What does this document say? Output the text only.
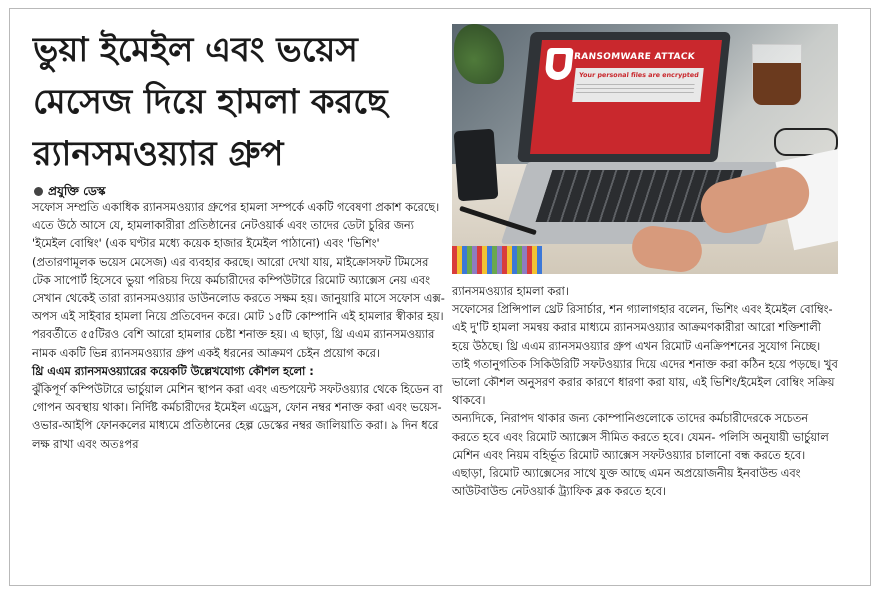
ভুয়া ইমেইল এবং ভয়েস মেসেজ দিয়ে হামলা করছে র‍্যানসমওয়্যার গ্রুপ
প্রযুক্তি ডেস্ক

সফোস সম্প্রতি একাধিক র‍্যানসমওয়্যার গ্রুপের হামলা সম্পর্কে একটি গবেষণা প্রকাশ করেছে। এতে উঠে আসে যে, হামলাকারীরা প্রতিষ্ঠানের নেটওয়ার্ক এবং তাদের ডেটা চুরির জন্য 'ইমেইল বোম্বিং' (এক ঘণ্টার মধ্যে কয়েক হাজার ইমেইল পাঠানো) এবং 'ভিশিং' (প্রতারণামূলক ভয়েস মেসেজ) এর ব্যবহার করছে। আরো দেখা যায়, মাইক্রোসফট টিমসের টেক সাপোর্ট হিসেবে ভুয়া পরিচয় দিয়ে কর্মচারীদের কম্পিউটারে রিমোট অ্যাক্সেস নেয় এবং সেখান থেকেই তারা র‍্যানসমওয়্যার ডাউনলোড করতে সক্ষম হয়। জানুয়ারি মাসে সফোস এক্স-অপস এই সাইবার হামলা নিয়ে প্রতিবেদন করে। মোট ১৫টি কোম্পানি এই হামলার স্বীকার হয়। পরবর্তীতে ৫৫টিরও বেশি আরো হামলার চেষ্টা শনাক্ত হয়। এ ছাড়া, থ্রি এএম র‍্যানসমওয়্যার নামক একটি ভিন্ন র‍্যানসমওয়্যার গ্রুপ একই ধরনের আক্রমণ চেইন প্রয়োগ করে।

থ্রি এএম র‍্যানসমওয়্যারের কয়েকটি উল্লেখযোগ্য কৌশল হলো :

ঝুঁকিপূর্ণ কম্পিউটারে ভার্চুয়াল মেশিন স্থাপন করা এবং এন্ডপয়েন্ট সফটওয়্যার থেকে হিডেন বা গোপন অবস্থায় থাকা। নির্দিষ্ট কর্মচারীদের ইমেইল এড্রেস, ফোন নম্বর শনাক্ত করা এবং ভয়েস-ওভার-আইপি ফোনকলের মাধ্যমে প্রতিষ্ঠানের হেল্প ডেস্কের নম্বর জালিয়াতি করা। ৯ দিন ধরে লক্ষ রাখা এবং অতঃপর

RANSOMWARE ATTACK
Your personal files are encrypted

র‍্যানসমওয়্যার হামলা করা।

সফোসের প্রিন্সিপাল থ্রেট রিসার্চার, শন গ্যালাগহার বলেন, ভিশিং এবং ইমেইল বোম্বিং-এই দু'টি হামলা সমন্বয় করার মাধ্যমে র‍্যানসমওয়্যার আক্রমণকারীরা আরো শক্তিশালী হয়ে উঠছে। থ্রি এএম র‍্যানসমওয়্যার গ্রুপ এখন রিমোট এনক্রিপশনের সুযোগ নিচ্ছে। তাই গতানুগতিক সিকিউরিটি সফটওয়্যার দিয়ে এদের শনাক্ত করা কঠিন হয়ে পড়ছে। খুব ভালো কৌশল অনুসরণ করার কারণে ধারণা করা যায়, এই ভিশিং/ইমেইল বোম্বিং সক্রিয় থাকবে।

অন্যদিকে, নিরাপদ থাকার জন্য কোম্পানিগুলোকে তাদের কর্মচারীদেরকে সচেতন করতে হবে এবং রিমোট অ্যাক্সেস সীমিত করতে হবে। যেমন- পলিসি অনুযায়ী ভার্চুয়াল মেশিন এবং নিয়ম বহির্ভূত রিমোট অ্যাক্সেস সফটওয়্যার চালানো বন্ধ করতে হবে। এছাড়া, রিমোট অ্যাক্সেসের সাথে যুক্ত আছে এমন অপ্রয়োজনীয় ইনবাউন্ড এবং আউটবাউন্ড নেটওয়ার্ক ট্র্যাফিক ব্লক করতে হবে।
